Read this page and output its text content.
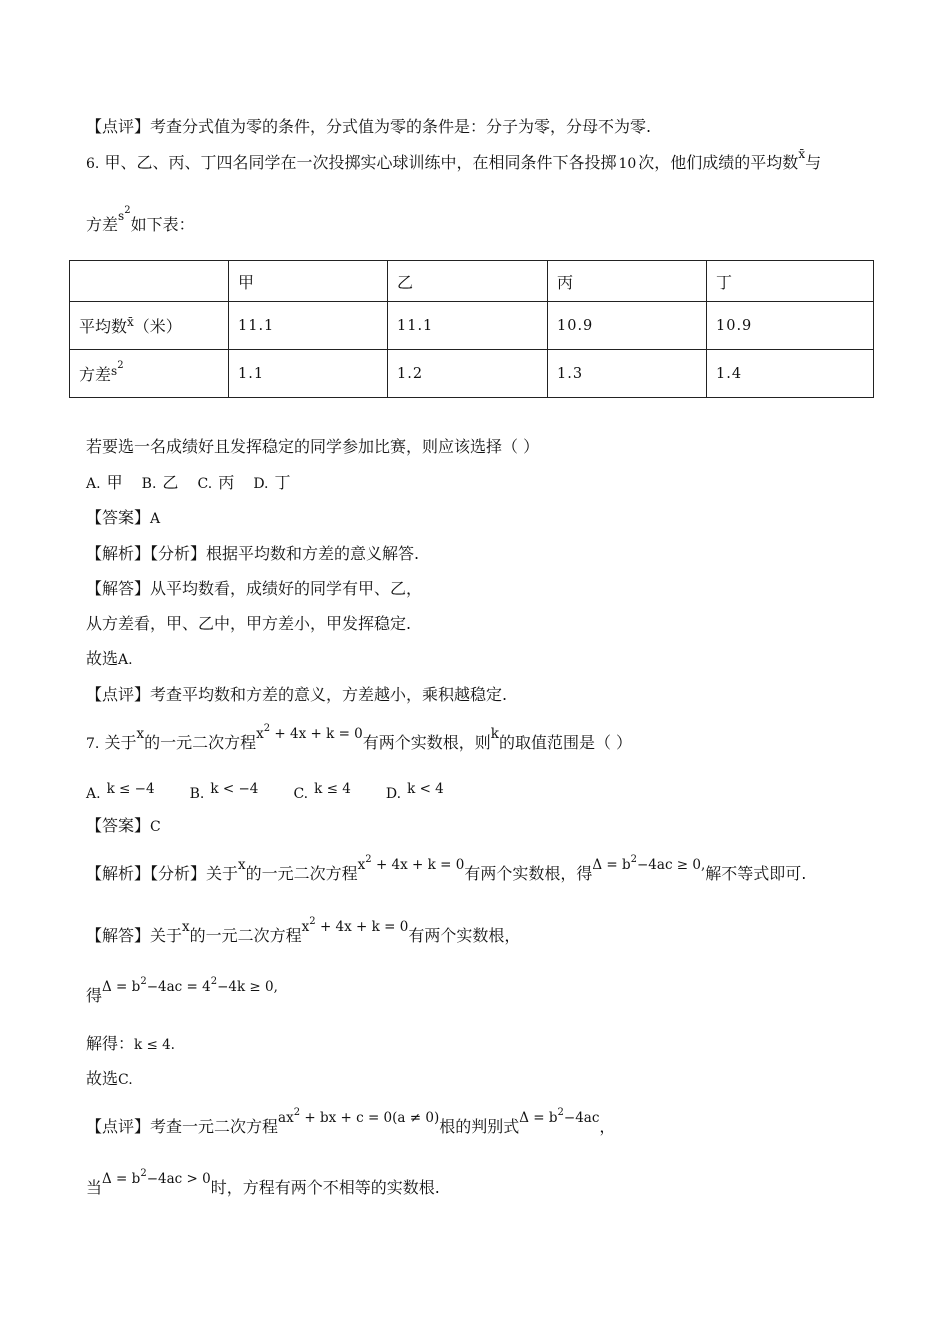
【点评】考查分式值为零的条件，分式值为零的条件是：分子为零，分母不为零.
6. 甲、乙、丙、丁四名同学在一次投掷实心球训练中，在相同条件下各投掷 10 次，他们成绩的平均数$^{x̄}$与
方差$^{s^2}$如下表：
	甲	乙	丙	丁
平均数$^{x̄}$（米）	11.1	11.1	10.9	10.9
方差$^{s2}$	1.1	1.2	1.3	1.4
若要选一名成绩好且发挥稳定的同学参加比赛，则应该选择（ ）
A. 甲 B. 乙 C. 丙 D. 丁
【答案】A
【解析】【分析】根据平均数和方差的意义解答.
【解答】从平均数看，成绩好的同学有甲、乙，
从方差看，甲、乙中，甲方差小，甲发挥稳定.
故选A.
【点评】考查平均数和方差的意义，方差越小，乘积越稳定.
7. 关于$^x$的一元二次方程$^{x^2 + 4x + k = 0}$有两个实数根，则$^k$的取值范围是（ ）
A. $^{k \le -4}$	B. $^{k < -4}$	C. $^{k \le 4}$	D. $^{k < 4}$
【答案】C
【解析】【分析】关于$^x$的一元二次方程$^{x^2 + 4x + k = 0}$有两个实数根，得$^{\Delta = b^2-4ac \ge 0,}$解不等式即可.
【解答】关于$^x$的一元二次方程$^{x^2 + 4x + k = 0}$有两个实数根，
得$^{\Delta = b^2-4ac = 4^2-4k \ge 0,}$
解得：k ≤ 4.
故选C.
【点评】考查一元二次方程$^{ax^2 + bx + c = 0(a \ne 0)}$根的判别式$^{\Delta = b^2-4ac}$，
当$^{\Delta = b^2-4ac > 0}$时，方程有两个不相等的实数根.
